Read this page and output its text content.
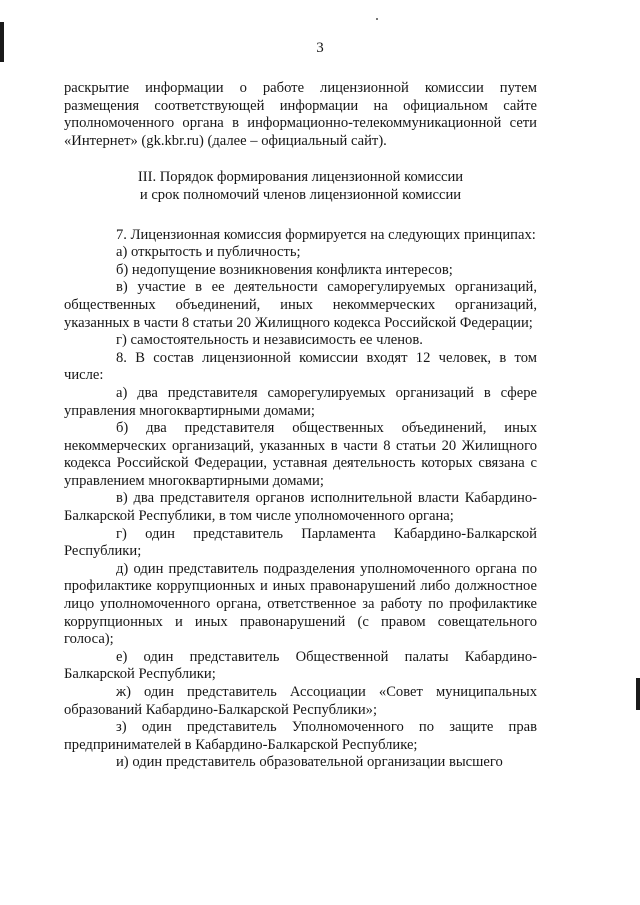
3

раскрытие информации о работе лицензионной комиссии путем размещения соответствующей информации на официальном сайте уполномоченного органа в информационно-телекоммуникационной сети «Интернет» (gk.kbr.ru) (далее – официальный сайт).

III. Порядок формирования лицензионной комиссии

и срок полномочий членов лицензионной комиссии

7. Лицензионная комиссия формируется на следующих принципах:

а) открытость и публичность;

б) недопущение возникновения конфликта интересов;

в) участие в ее деятельности саморегулируемых организаций, общественных объединений, иных некоммерческих организаций, указанных в части 8 статьи 20 Жилищного кодекса Российской Федерации;

г) самостоятельность и независимость ее членов.

8. В состав лицензионной комиссии входят 12 человек, в том числе:

а) два представителя саморегулируемых организаций в сфере управления многоквартирными домами;

б) два представителя общественных объединений, иных некоммерческих организаций, указанных в части 8 статьи 20 Жилищного кодекса Российской Федерации, уставная деятельность которых связана с управлением многоквартирными домами;

в) два представителя органов исполнительной власти Кабардино-Балкарской Республики, в том числе уполномоченного органа;

г) один представитель Парламента Кабардино-Балкарской Республики;

д) один представитель подразделения уполномоченного органа по профилактике коррупционных и иных правонарушений либо должностное лицо уполномоченного органа, ответственное за работу по профилактике коррупционных и иных правонарушений (с правом совещательного голоса);

е) один представитель Общественной палаты Кабардино-Балкарской Республики;

ж) один представитель Ассоциации «Совет муниципальных образований Кабардино-Балкарской Республики»;

з) один представитель Уполномоченного по защите прав предпринимателей в Кабардино-Балкарской Республике;

и) один представитель образовательной организации высшего
